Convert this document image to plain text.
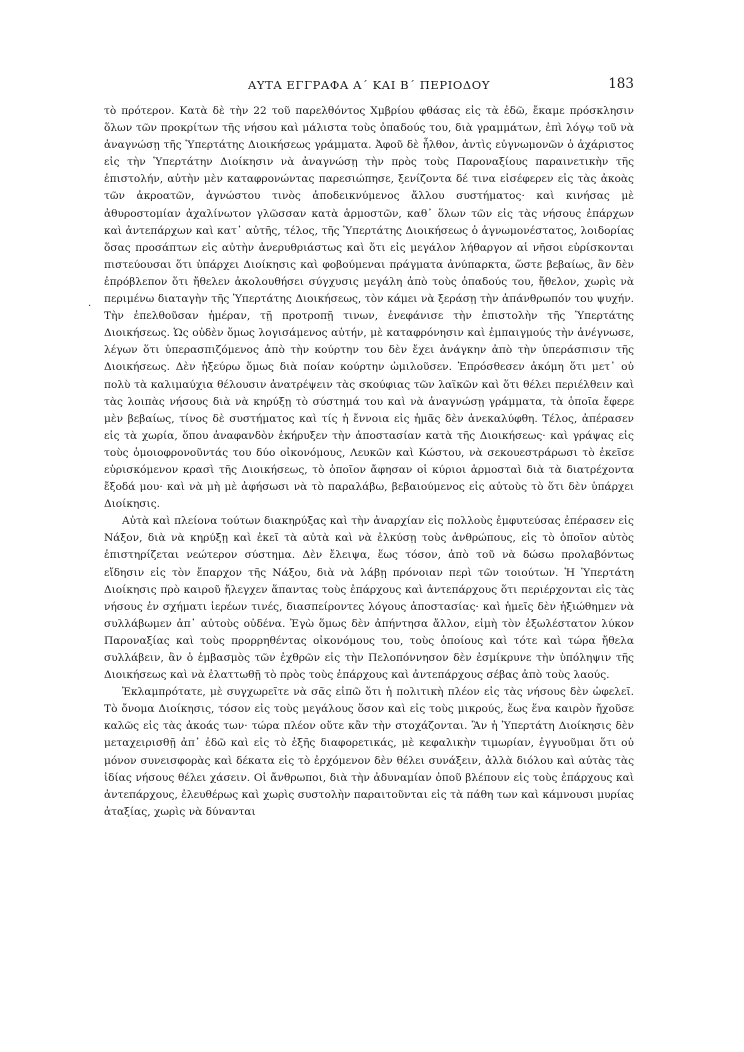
ΑΥΤΑ ΕΓΓΡΑΦΑ Α΄ ΚΑΙ Β΄ ΠΕΡΙΟΔΟΥ	183
.

τὸ πρότερον. Κατὰ δὲ τὴν 22 τοῦ παρελθόντος Χμβρίου φθάσας εἰς τὰ ἐδῶ, ἔκαμε πρόσκλησιν ὅλων τῶν προκρίτων τῆς νήσου καὶ μάλιστα τοὺς ὀπαδούς του, διὰ γραμμάτων, ἐπὶ λόγῳ τοῦ νὰ ἀναγνώσῃ τῆς Ὑπερτάτης Διοικήσεως γράμματα. Ἀφοῦ δὲ ἦλθον, ἀντὶς εὐγνωμονῶν ὁ ἀχάριστος εἰς τὴν Ὑπερτάτην Διοίκησιν νὰ ἀναγνώσῃ τὴν πρὸς τοὺς Παροναξίους παραινετικὴν τῆς ἐπιστολήν, αὐτὴν μὲν καταφρονώντας παρεσιώπησε, ξενίζοντα δέ τινα εἰσέφερεν εἰς τὰς ἀκοὰς τῶν ἀκροατῶν, ἀγνώστου τινὸς ἀποδεικνύμενος ἄλλου συστήματος· καὶ κινήσας μὲ ἀθυροστομίαν ἀχαλίνωτον γλῶσσαν κατὰ ἁρμοστῶν, καθ᾽ ὅλων τῶν εἰς τὰς νήσους ἐπάρχων καὶ ἀντεπάρχων καὶ κατ᾽ αὐτῆς, τέλος, τῆς Ὑπερτάτης Διοικήσεως ὁ ἀγνωμονέστατος, λοιδορίας ὅσας προσάπτων εἰς αὐτὴν ἀνερυθριάστως καὶ ὅτι εἰς μεγάλον λήθαργον αἱ νῆσοι εὑρίσκονται πιστεύουσαι ὅτι ὑπάρχει Διοίκησις καὶ φοβούμεναι πράγματα ἀνύπαρκτα, ὥστε βεβαίως, ἂν δὲν ἐπρόβλεπον ὅτι ἤθελεν ἀκολουθήσει σύγχυσις μεγάλη ἀπὸ τοὺς ὀπαδούς του, ἤθελον, χωρὶς νὰ περιμένω διαταγὴν τῆς Ὑπερτάτης Διοικήσεως, τὸν κάμει νὰ ξεράσῃ τὴν ἀπάνθρωπόν του ψυχήν. Τὴν ἐπελθοῦσαν ἡμέραν, τῇ προτροπῇ τινων, ἐνεφάνισε τὴν ἐπιστολὴν τῆς Ὑπερτάτης Διοικήσεως. Ὡς οὐδὲν ὅμως λογισάμενος αὐτήν, μὲ καταφρόνησιν καὶ ἐμπαιγμούς τὴν ἀνέγνωσε, λέγων ὅτι ὑπερασπιζόμενος ἀπὸ τὴν κούρτην του δὲν ἔχει ἀνάγκην ἀπὸ τὴν ὑπεράσπισιν τῆς Διοικήσεως. Δὲν ἠξεύρω ὅμως διὰ ποίαν κούρτην ὡμιλοῦσεν. Ἐπρόσθεσεν ἀκόμη ὅτι μετ᾽ οὐ πολὺ τὰ καλιμαύχια θέλουσιν ἀνατρέψειν τὰς σκούφιας τῶν λαϊκῶν καὶ ὅτι θέλει περιέλθειν καὶ τὰς λοιπὰς νήσους διὰ νὰ κηρύξῃ τὸ σύστημά του καὶ νὰ ἀναγνώσῃ γράμματα, τὰ ὁποῖα ἔφερε μὲν βεβαίως, τίνος δὲ συστήματος καὶ τίς ἡ ἔννοια εἰς ἡμᾶς δὲν ἀνεκαλύφθη. Τέλος, ἀπέρασεν εἰς τὰ χωρία, ὅπου ἀναφανδὸν ἐκήρυξεν τὴν ἀποστασίαν κατὰ τῆς Διοικήσεως· καὶ γράψας εἰς τοὺς ὁμοιοφρονοῦντάς του δύο οἰκονόμους, Λευκῶν καὶ Κώστου, νὰ σεκουεστράρωσι τὸ ἐκεῖσε εὑρισκόμενον κρασὶ τῆς Διοικήσεως, τὸ ὁποῖον ἄφησαν οἱ κύριοι ἁρμοσταὶ διὰ τὰ διατρέχοντα ἔξοδά μου· καὶ νὰ μὴ μὲ ἀφήσωσι νὰ τὸ παραλάβω, βεβαιούμενος εἰς αὐτοὺς τὸ ὅτι δὲν ὑπάρχει Διοίκησις.

Αὐτὰ καὶ πλείονα τούτων διακηρύξας καὶ τὴν ἀναρχίαν εἰς πολλοὺς ἐμφυτεύσας ἐπέρασεν εἰς Νάξον, διὰ νὰ κηρύξῃ καὶ ἐκεῖ τὰ αὐτὰ καὶ νὰ ἑλκύσῃ τοὺς ἀνθρώπους, εἰς τὸ ὁποῖον αὐτὸς ἐπιστηρίζεται νεώτερον σύστημα. Δὲν ἔλειψα, ἕως τόσον, ἀπὸ τοῦ νὰ δώσω προλαβόντως εἴδησιν εἰς τὸν ἔπαρχον τῆς Νάξου, διὰ νὰ λάβῃ πρόνοιαν περὶ τῶν τοιούτων. Ἡ Ὑπερτάτη Διοίκησις πρὸ καιροῦ ἤλεγχεν ἅπαντας τοὺς ἐπάρχους καὶ ἀντεπάρχους ὅτι περιέρχονται εἰς τὰς νήσους ἐν σχήματι ἱερέων τινές, διασπείροντες λόγους ἀποστασίας· καὶ ἡμεῖς δὲν ἠξιώθημεν νὰ συλλάβωμεν ἀπ᾽ αὐτοὺς οὐδένα. Ἐγὼ ὅμως δὲν ἀπήντησα ἄλλον, εἰμὴ τὸν ἐξωλέστατον λύκον Παροναξίας καὶ τοὺς προρρηθέντας οἰκονόμους του, τοὺς ὁποίους καὶ τότε καὶ τώρα ἤθελα συλλάβειν, ἂν ὁ ἐμβασμὸς τῶν ἐχθρῶν εἰς τὴν Πελοπόννησον δὲν ἐσμίκρυνε τὴν ὑπόληψιν τῆς Διοικήσεως καὶ νὰ ἐλαττωθῇ τὸ πρὸς τοὺς ἐπάρχους καὶ ἀντεπάρχους σέβας ἀπὸ τοὺς λαούς.

Ἐκλαμπρότατε, μὲ συγχωρεῖτε νὰ σᾶς εἰπῶ ὅτι ἡ πολιτικὴ πλέον εἰς τὰς νήσους δὲν ὠφελεῖ. Τὸ ὄνομα Διοίκησις, τόσον εἰς τοὺς μεγάλους ὅσον καὶ εἰς τοὺς μικρούς, ἕως ἕνα καιρὸν ἤχοῦσε καλῶς εἰς τὰς ἀκοάς των· τώρα πλέον οὔτε κἂν τὴν στοχάζονται. Ἂν ἡ Ὑπερτάτη Διοίκησις δὲν μεταχειρισθῇ ἀπ᾽ ἐδῶ καὶ εἰς τὸ ἑξῆς διαφορετικάς, μὲ κεφαλικὴν τιμωρίαν, ἐγγυοῦμαι ὅτι οὐ μόνον συνεισφορὰς καὶ δέκατα εἰς τὸ ἐρχόμενον δὲν θέλει συνάξειν, ἀλλὰ διόλου καὶ αὐτὰς τὰς ἰδίας νήσους θέλει χάσειν. Οἱ ἄνθρωποι, διὰ τὴν ἀδυναμίαν ὁποῦ βλέπουν εἰς τοὺς ἐπάρχους καὶ ἀντεπάρχους, ἐλευθέρως καὶ χωρὶς συστολὴν παραιτοῦνται εἰς τὰ πάθη των καὶ κάμνουσι μυρίας ἀταξίας, χωρὶς νὰ δύνανται
